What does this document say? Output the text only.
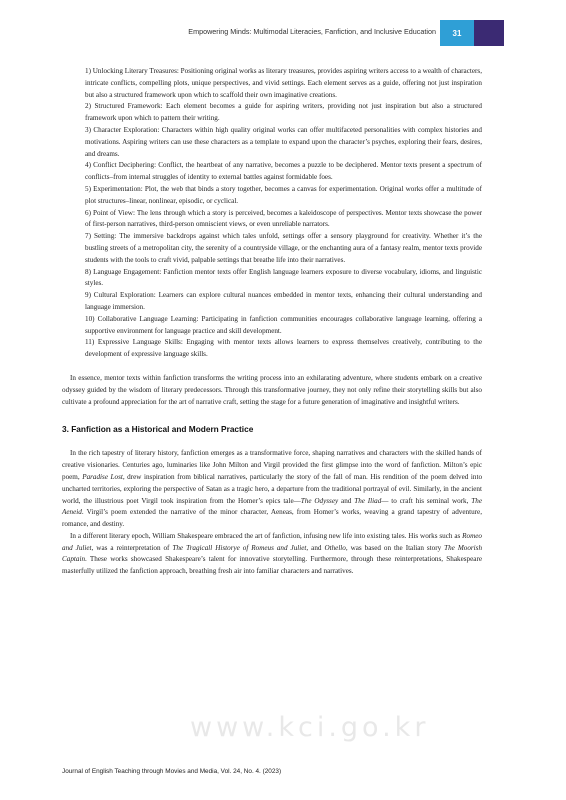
Empowering Minds: Multimodal Literacies, Fanfiction, and Inclusive Education	31
1) Unlocking Literary Treasures: Positioning original works as literary treasures, provides aspiring writers access to a wealth of characters, intricate conflicts, compelling plots, unique perspectives, and vivid settings. Each element serves as a guide, offering not just inspiration but also a structured framework upon which to scaffold their own imaginative creations.
2) Structured Framework: Each element becomes a guide for aspiring writers, providing not just inspiration but also a structured framework upon which to pattern their writing.
3) Character Exploration: Characters within high quality original works can offer multifaceted personalities with complex histories and motivations. Aspiring writers can use these characters as a template to expand upon the character’s psyches, exploring their fears, desires, and dreams.
4) Conflict Deciphering: Conflict, the heartbeat of any narrative, becomes a puzzle to be deciphered. Mentor texts present a spectrum of conflicts–from internal struggles of identity to external battles against formidable foes.
5) Experimentation: Plot, the web that binds a story together, becomes a canvas for experimentation. Original works offer a multitude of plot structures–linear, nonlinear, episodic, or cyclical.
6) Point of View: The lens through which a story is perceived, becomes a kaleidoscope of perspectives. Mentor texts showcase the power of first-person narratives, third-person omniscient views, or even unreliable narrators.
7) Setting: The immersive backdrops against which tales unfold, settings offer a sensory playground for creativity. Whether it’s the bustling streets of a metropolitan city, the serenity of a countryside village, or the enchanting aura of a fantasy realm, mentor texts provide students with the tools to craft vivid, palpable settings that breathe life into their narratives.
8) Language Engagement: Fanfiction mentor texts offer English language learners exposure to diverse vocabulary, idioms, and linguistic styles.
9) Cultural Exploration: Learners can explore cultural nuances embedded in mentor texts, enhancing their cultural understanding and language immersion.
10) Collaborative Language Learning: Participating in fanfiction communities encourages collaborative language learning, offering a supportive environment for language practice and skill development.
11) Expressive Language Skills: Engaging with mentor texts allows learners to express themselves creatively, contributing to the development of expressive language skills.

In essence, mentor texts within fanfiction transforms the writing process into an exhilarating adventure, where students embark on a creative odyssey guided by the wisdom of literary predecessors. Through this transformative journey, they not only refine their storytelling skills but also cultivate a profound appreciation for the art of narrative craft, setting the stage for a future generation of imaginative and insightful writers.

3. Fanfiction as a Historical and Modern Practice

In the rich tapestry of literary history, fanfiction emerges as a transformative force, shaping narratives and characters with the skilled hands of creative visionaries. Centuries ago, luminaries like John Milton and Virgil provided the first glimpse into the word of fanfiction. Milton’s epic poem, Paradise Lost, drew inspiration from biblical narratives, particularly the story of the fall of man. His rendition of the poem delved into uncharted territories, exploring the perspective of Satan as a tragic hero, a departure from the traditional portrayal of evil. Similarly, in the ancient world, the illustrious poet Virgil took inspiration from the Homer’s epics tale—The Odyssey and The Iliad— to craft his seminal work, The Aeneid. Virgil’s poem extended the narrative of the minor character, Aeneas, from Homer’s works, weaving a grand tapestry of adventure, romance, and destiny.

In a different literary epoch, William Shakespeare embraced the art of fanfiction, infusing new life into existing tales. His works such as Romeo and Juliet, was a reinterpretation of The Tragicall Historye of Romeus and Juliet, and Othello, was based on the Italian story The Moorish Captain. These works showcased Shakespeare’s talent for innovative storytelling. Furthermore, through these reinterpretations, Shakespeare masterfully utilized the fanfiction approach, breathing fresh air into familiar characters and narratives.

www.kci.go.kr
Journal of English Teaching through Movies and Media, Vol. 24, No. 4. (2023)
